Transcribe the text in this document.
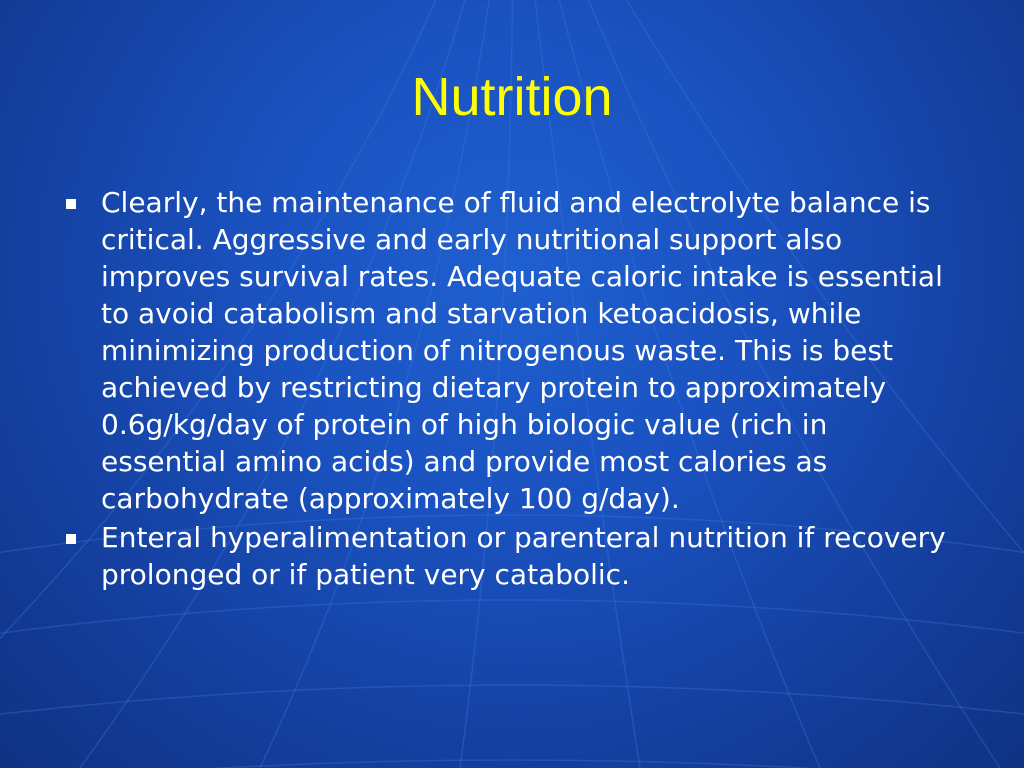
Nutrition
Clearly, the maintenance of fluid and electrolyte balance is critical. Aggressive and early nutritional support also improves survival rates. Adequate caloric intake is essential to avoid catabolism and starvation ketoacidosis, while minimizing production of nitrogenous waste. This is best achieved by restricting dietary protein to approximately 0.6g/kg/day of protein of high biologic value (rich in essential amino acids) and provide most calories as carbohydrate (approximately 100 g/day).
Enteral hyperalimentation or parenteral nutrition if recovery prolonged or if patient very catabolic.
